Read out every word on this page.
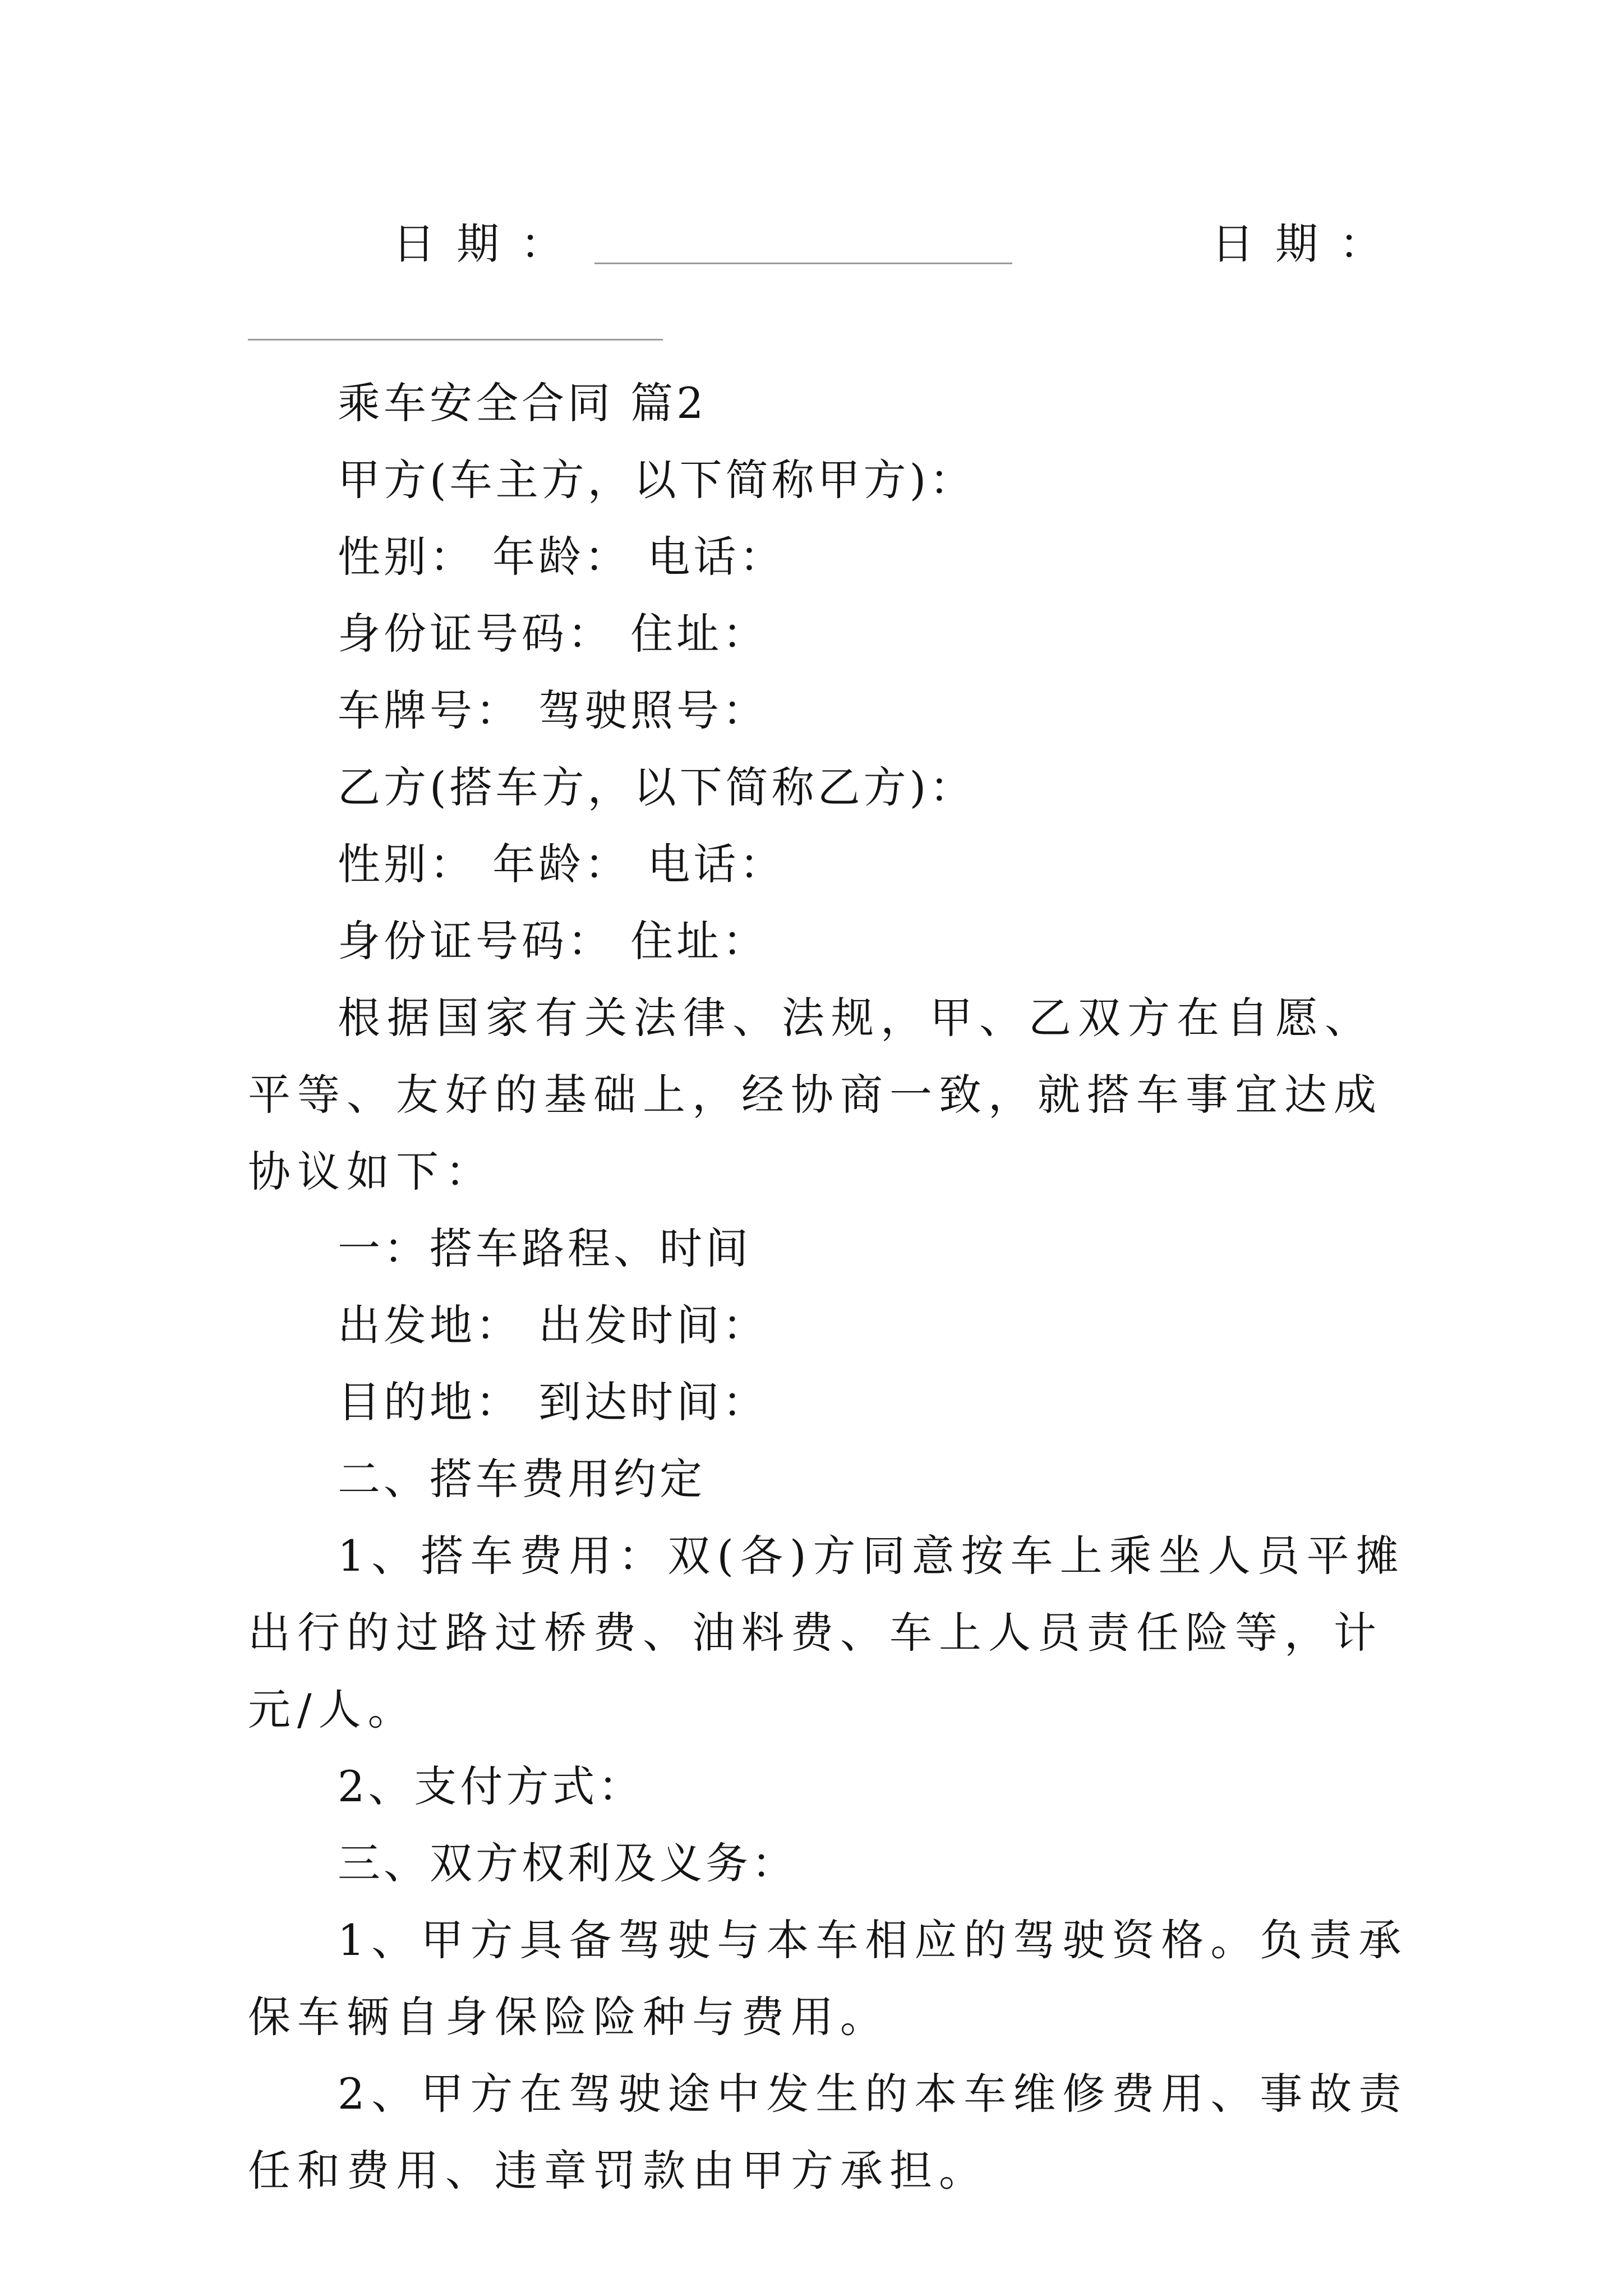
日期：	日期：

乘车安全合同 篇2

甲方(车主方，以下简称甲方)：

性别： 年龄： 电话：

身份证号码： 住址：

车牌号： 驾驶照号：

乙方(搭车方，以下简称乙方)：

性别： 年龄： 电话：

身份证号码： 住址：

根据国家有关法律、法规，甲、乙双方在自愿、平等、友好的基础上，经协商一致，就搭车事宜达成协议如下：

一：搭车路程、时间

出发地： 出发时间：

目的地： 到达时间：

二、搭车费用约定

1、搭车费用：双(各)方同意按车上乘坐人员平摊出行的过路过桥费、油料费、车上人员责任险等，计元/人。

2、支付方式：

三、双方权利及义务：

1、甲方具备驾驶与本车相应的驾驶资格。负责承保车辆自身保险险种与费用。

2、甲方在驾驶途中发生的本车维修费用、事故责任和费用、违章罚款由甲方承担。
